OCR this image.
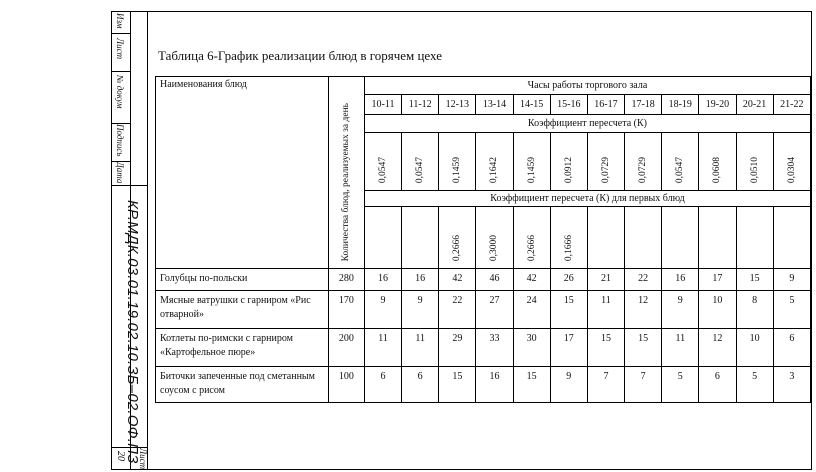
Изм
Лист
№ докум
Подпись
Дата
КР.МДК.03.01.19.02.10.ЗБ–02.ОФ.ПЗ
Лист
20
Таблица 6-График реализации блюд в горячем цехе
Наименования блюд	Количества блюд, реализуемых за день	Часы работы торгового зала											
		10-11	11-12	12-13	13-14	14-15	15-16	16-17	17-18	18-19	19-20	20-21	21-22
		Коэффициент пересчета (К)											
		0,0547	0,0547	0,1459	0,1642	0,1459	0,0912	0,0729	0,0729	0,0547	0,0608	0,0510	0,0304
		Коэффициент пересчета (К) для первых блюд											
				0,2666	0,3000	0,2666	0,1666						
Голубцы по-польски	280	16	16	42	46	42	26	21	22	16	17	15	9
Мясные ватрушки с гарниром «Рис отварной»	170	9	9	22	27	24	15	11	12	9	10	8	5
Котлеты по-римски с гарниром «Картофельное пюре»	200	11	11	29	33	30	17	15	15	11	12	10	6
Биточки запеченные под сметанным соусом с рисом	100	6	6	15	16	15	9	7	7	5	6	5	3
